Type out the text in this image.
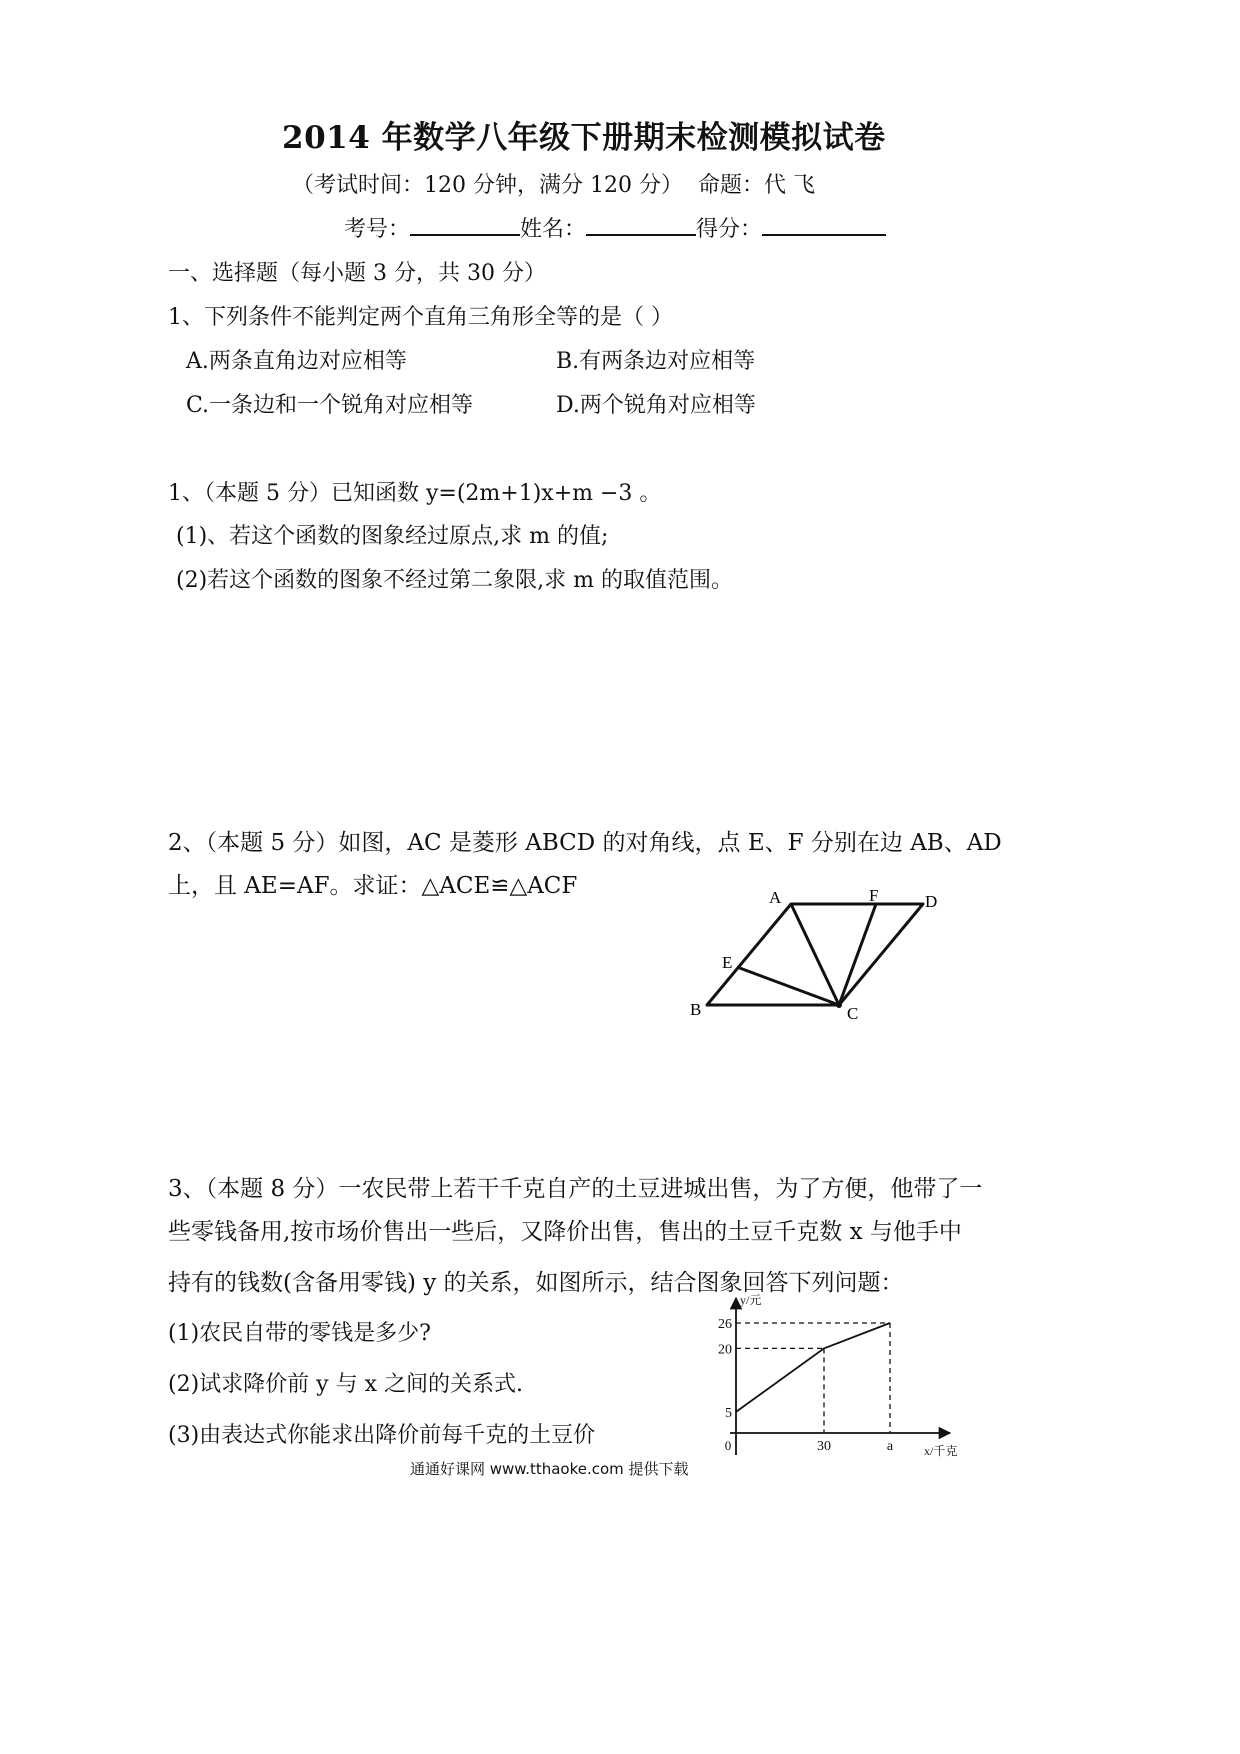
2014 年数学八年级下册期末检测模拟试卷
（考试时间：120 分钟，满分 120 分） 命题：代 飞
考号：	姓名：	得分：
一、选择题（每小题 3 分，共 30 分）
1、下列条件不能判定两个直角三角形全等的是（ ）
A.两条直角边对应相等	B.有两条边对应相等
C.一条边和一个锐角对应相等	D.两个锐角对应相等
1、（本题 5 分）已知函数 y=(2m+1)x+m −3 。
(1)、若这个函数的图象经过原点,求 m 的值;
(2)若这个函数的图象不经过第二象限,求 m 的取值范围。
2、（本题 5 分）如图，AC 是菱形 ABCD 的对角线，点 E、F 分别在边 AB、AD
上，且 AE=AF。求证：△ACE≌△ACF	A	F	D
E
B	C
3、（本题 8 分）一农民带上若干千克自产的土豆进城出售，为了方便，他带了一
些零钱备用,按市场价售出一些后，又降价出售，售出的土豆千克数 x 与他手中
持有的钱数(含备用零钱) y 的关系，如图所示，结合图象回答下列问题：
(1)农民自带的零钱是多少?
(2)试求降价前 y 与 x 之间的关系式.
(3)由表达式你能求出降价前每千克的土豆价
通通好课网 www.tthaoke.com 提供下载
y/元
x/千克
0
5
20
26
30	a
